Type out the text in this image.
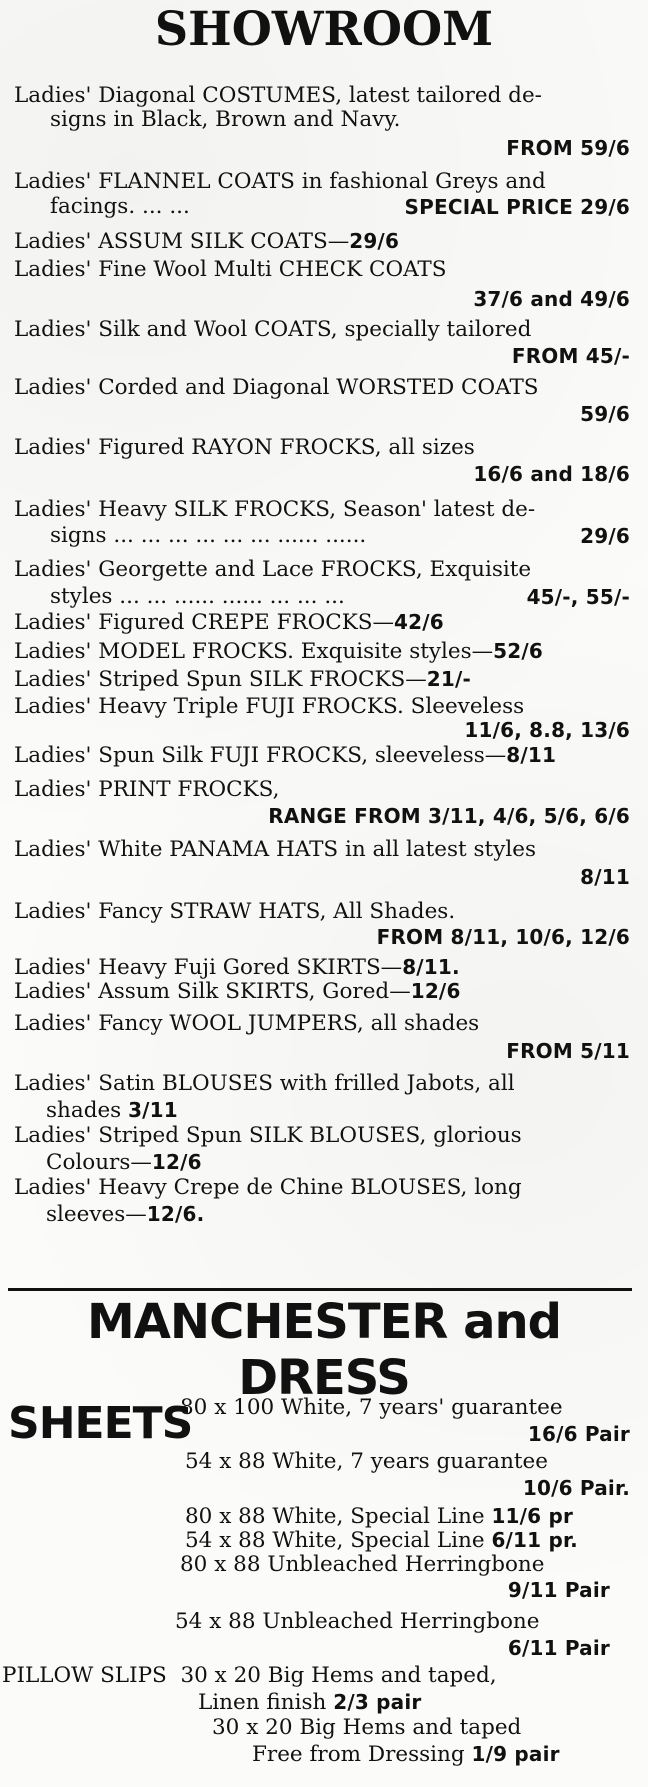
SHOWROOM
Ladies' Diagonal COSTUMES, latest tailored de-
signs in Black, Brown and Navy.
FROM 59/6
Ladies' FLANNEL COATS in fashional Greys and
facings. ... ...	SPECIAL PRICE 29/6
Ladies' ASSUM SILK COATS—29/6
Ladies' Fine Wool Multi CHECK COATS
37/6 and 49/6
Ladies' Silk and Wool COATS, specially tailored
FROM 45/-
Ladies' Corded and Diagonal WORSTED COATS
59/6
Ladies' Figured RAYON FROCKS, all sizes
16/6 and 18/6
Ladies' Heavy SILK FROCKS, Season' latest de-
signs ... ... ... ... ... ... ...... ......	29/6
Ladies' Georgette and Lace FROCKS, Exquisite
styles ... ... ...... ...... ... ... ...	45/-, 55/-
Ladies' Figured CREPE FROCKS—42/6
Ladies' MODEL FROCKS. Exquisite styles—52/6
Ladies' Striped Spun SILK FROCKS—21/-
Ladies' Heavy Triple FUJI FROCKS. Sleeveless
11/6, 8.8, 13/6
Ladies' Spun Silk FUJI FROCKS, sleeveless—8/11
Ladies' PRINT FROCKS,
RANGE FROM 3/11, 4/6, 5/6, 6/6
Ladies' White PANAMA HATS in all latest styles
8/11
Ladies' Fancy STRAW HATS, All Shades.
FROM 8/11, 10/6, 12/6
Ladies' Heavy Fuji Gored SKIRTS—8/11.
Ladies' Assum Silk SKIRTS, Gored—12/6
Ladies' Fancy WOOL JUMPERS, all shades
FROM 5/11
Ladies' Satin BLOUSES with frilled Jabots, all
shades 3/11
Ladies' Striped Spun SILK BLOUSES, glorious
Colours—12/6
Ladies' Heavy Crepe de Chine BLOUSES, long
sleeves—12/6.
MANCHESTER and DRESS
SHEETS
80 x 100 White, 7 years' guarantee
16/6 Pair
54 x 88 White, 7 years guarantee
10/6 Pair.
80 x 88 White, Special Line 11/6 pr
54 x 88 White, Special Line 6/11 pr.
80 x 88 Unbleached Herringbone
9/11 Pair
54 x 88 Unbleached Herringbone
6/11 Pair
PILLOW SLIPS 30 x 20 Big Hems and taped,
Linen finish 2/3 pair
30 x 20 Big Hems and taped
Free from Dressing 1/9 pair
